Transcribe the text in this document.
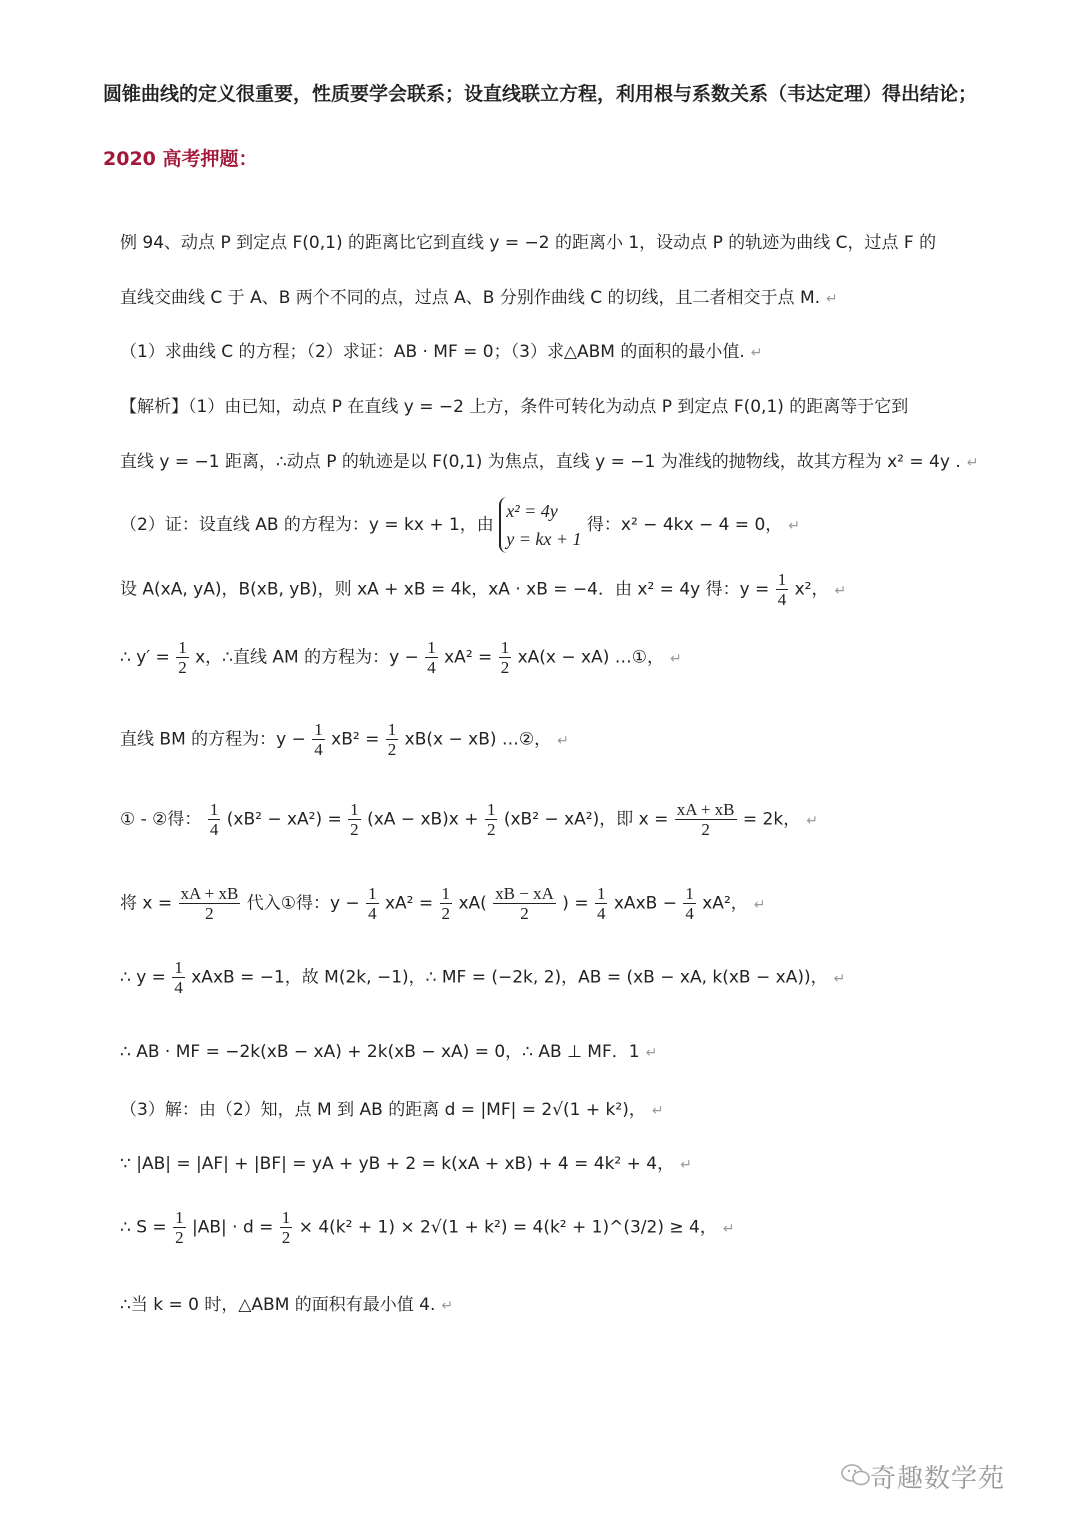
圆锥曲线的定义很重要，性质要学会联系；设直线联立方程，利用根与系数关系（韦达定理）得出结论；
2020 高考押题：
例 94、动点 P 到定点 F(0,1) 的距离比它到直线 y = −2 的距离小 1，设动点 P 的轨迹为曲线 C，过点 F 的
直线交曲线 C 于 A、B 两个不同的点，过点 A、B 分别作曲线 C 的切线，且二者相交于点 M. ↵
（1）求曲线 C 的方程；（2）求证：AB · MF = 0；（3）求△ABM 的面积的最小值. ↵
【解析】（1）由已知，动点 P 在直线 y = −2 上方，条件可转化为动点 P 到定点 F(0,1) 的距离等于它到
直线 y = −1 距离，∴动点 P 的轨迹是以 F(0,1) 为焦点，直线 y = −1 为准线的抛物线，故其方程为 x² = 4y . ↵
（2）证：设直线 AB 的方程为：y = kx + 1，由
x² = 4y
y = kx + 1
得：x² − 4kx − 4 = 0， ↵
设 A(xA, yA)，B(xB, yB)，则 xA + xB = 4k，xA · xB = −4．由 x² = 4y 得：$y = \frac{1}{4} x^2$， ↵
∴ $y' = \frac{1}{2}$ x，∴直线 AM 的方程为：$y - \frac{1}{4} xA^2 = \frac{1}{2} xA(x - xA)$ …①， ↵
直线 BM 的方程为：$y - \frac{1}{4} xB^2 = \frac{1}{2} xB(x - xB)$ …②， ↵
① - ②得： $\frac{1}{4} (xB^2 - xA^2) = \frac{1}{2} (xA - xB)x + \frac{1}{2} (xB^2 - xA^2)$，即 $x = \frac{xA + xB}{2} = 2k$， ↵
将 $x = \frac{xA + xB}{2}$ 代入①得：$y - \frac{1}{4} xA^2 = \frac{1}{2} xA( \frac{xB - xA}{2}$ ) = $\frac{1}{4}$ xAxB − $\frac{1}{4} xA^2$， ↵
∴ $y = \frac{1}{4}$ xAxB = −1，故 M(2k, −1)，∴ MF = (−2k, 2)，AB = (xB − xA, k(xB − xA))， ↵
∴ AB · MF = −2k(xB − xA) + 2k(xB − xA) = 0，∴ AB ⊥ MF．1 ↵
（3）解：由（2）知，点 M 到 AB 的距离 d = |MF| = 2√(1 + k²)， ↵
∵ |AB| = |AF| + |BF| = yA + yB + 2 = k(xA + xB) + 4 = 4k² + 4， ↵
∴ $S = \frac{1}{2} |AB| \cdot d = \frac{1}{2} \times 4(k^2 + 1) \times 2√(1 + k^2) = 4(k^2$ + 1)^(3/2) ≥ 4， ↵
∴当 k = 0 时，△ABM 的面积有最小值 4. ↵
奇趣数学苑
